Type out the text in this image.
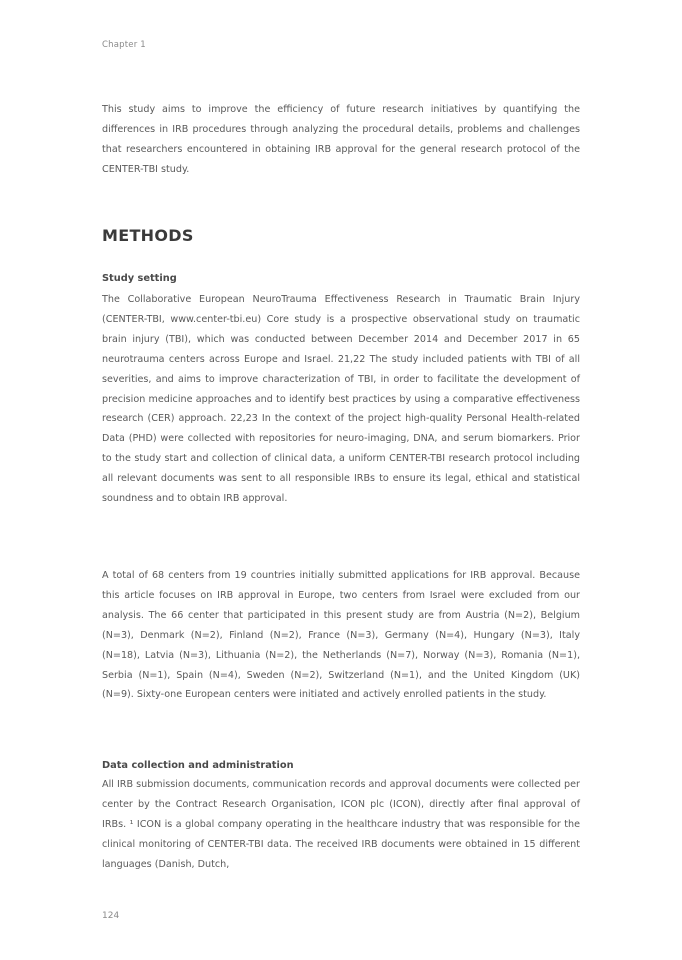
Chapter 1

This study aims to improve the efficiency of future research initiatives by quantifying the differences in IRB procedures through analyzing the procedural details, problems and challenges that researchers encountered in obtaining IRB approval for the general research protocol of the CENTER-TBI study.

METHODS
Study setting

The Collaborative European NeuroTrauma Effectiveness Research in Traumatic Brain Injury (CENTER-TBI, www.center-tbi.eu) Core study is a prospective observational study on traumatic brain injury (TBI), which was conducted between December 2014 and December 2017 in 65 neurotrauma centers across Europe and Israel. 21,22 The study included patients with TBI of all severities, and aims to improve characterization of TBI, in order to facilitate the development of precision medicine approaches and to identify best practices by using a comparative effectiveness research (CER) approach. 22,23 In the context of the project high-quality Personal Health-related Data (PHD) were collected with repositories for neuro-imaging, DNA, and serum biomarkers. Prior to the study start and collection of clinical data, a uniform CENTER-TBI research protocol including all relevant documents was sent to all responsible IRBs to ensure its legal, ethical and statistical soundness and to obtain IRB approval.

A total of 68 centers from 19 countries initially submitted applications for IRB approval. Because this article focuses on IRB approval in Europe, two centers from Israel were excluded from our analysis. The 66 center that participated in this present study are from Austria (N=2), Belgium (N=3), Denmark (N=2), Finland (N=2), France (N=3), Germany (N=4), Hungary (N=3), Italy (N=18), Latvia (N=3), Lithuania (N=2), the Netherlands (N=7), Norway (N=3), Romania (N=1), Serbia (N=1), Spain (N=4), Sweden (N=2), Switzerland (N=1), and the United Kingdom (UK) (N=9). Sixty-one European centers were initiated and actively enrolled patients in the study.

Data collection and administration

All IRB submission documents, communication records and approval documents were collected per center by the Contract Research Organisation, ICON plc (ICON), directly after final approval of IRBs. ¹ ICON is a global company operating in the healthcare industry that was responsible for the clinical monitoring of CENTER-TBI data. The received IRB documents were obtained in 15 different languages (Danish, Dutch,

124
